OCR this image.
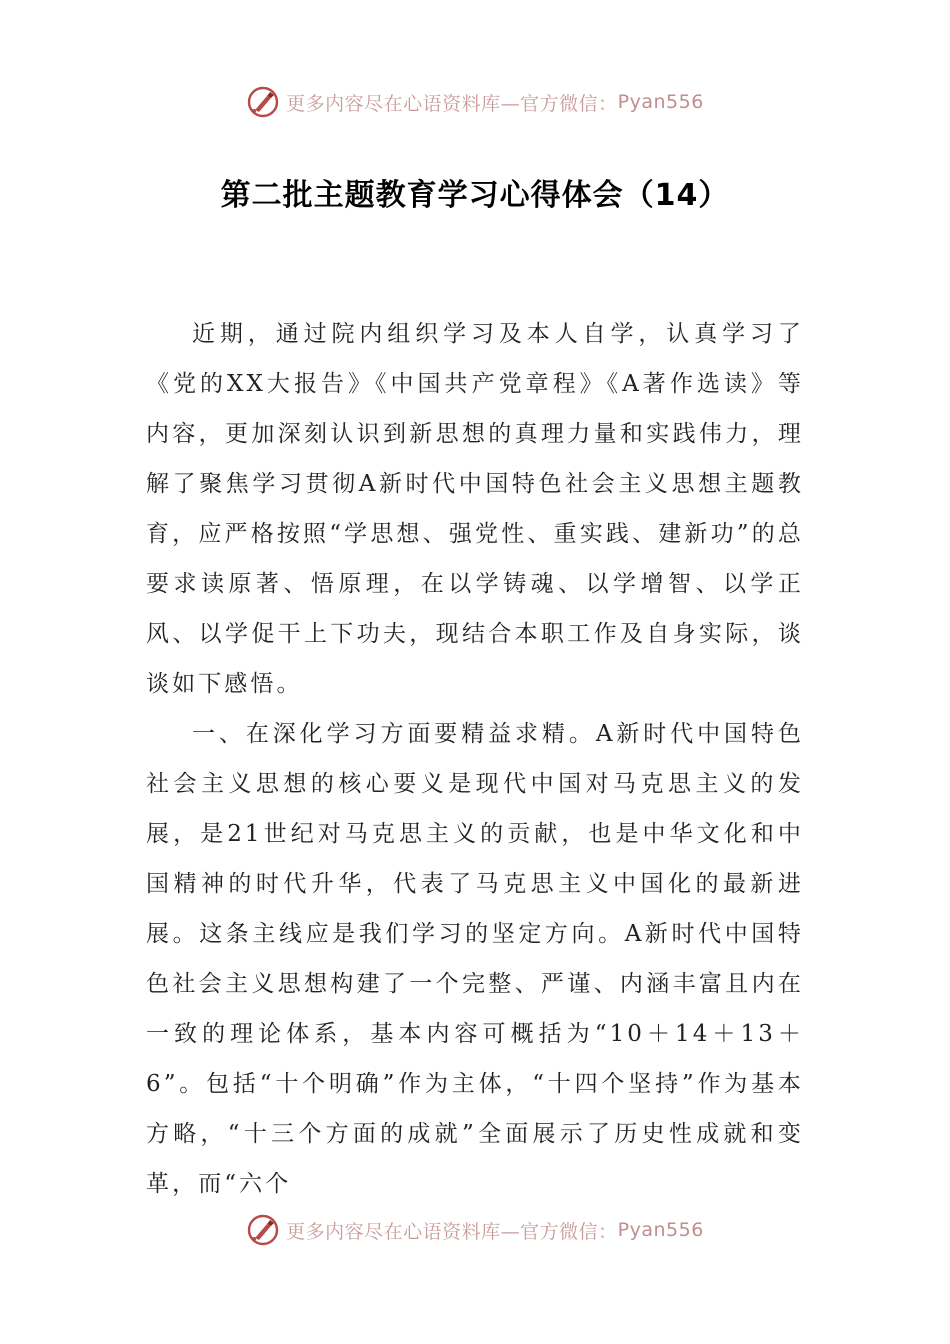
更多内容尽在心语资料库—官方微信： Pyan556
第二批主题教育学习心得体会（14）

近期，通过院内组织学习及本人自学，认真学习了《党的XX大报告》《中国共产党章程》《A著作选读》等内容，更加深刻认识到新思想的真理力量和实践伟力，理解了聚焦学习贯彻A新时代中国特色社会主义思想主题教育，应严格按照“学思想、强党性、重实践、建新功”的总要求读原著、悟原理，在以学铸魂、以学增智、以学正风、以学促干上下功夫，现结合本职工作及自身实际，谈谈如下感悟。

一、在深化学习方面要精益求精。A新时代中国特色社会主义思想的核心要义是现代中国对马克思主义的发展，是21世纪对马克思主义的贡献，也是中华文化和中国精神的时代升华，代表了马克思主义中国化的最新进展。这条主线应是我们学习的坚定方向。A新时代中国特色社会主义思想构建了一个完整、严谨、内涵丰富且内在一致的理论体系，基本内容可概括为“10＋14＋13＋6”。包括“十个明确”作为主体，“十四个坚持”作为基本方略，“十三个方面的成就”全面展示了历史性成就和变革，而“六个

更多内容尽在心语资料库—官方微信： Pyan556
